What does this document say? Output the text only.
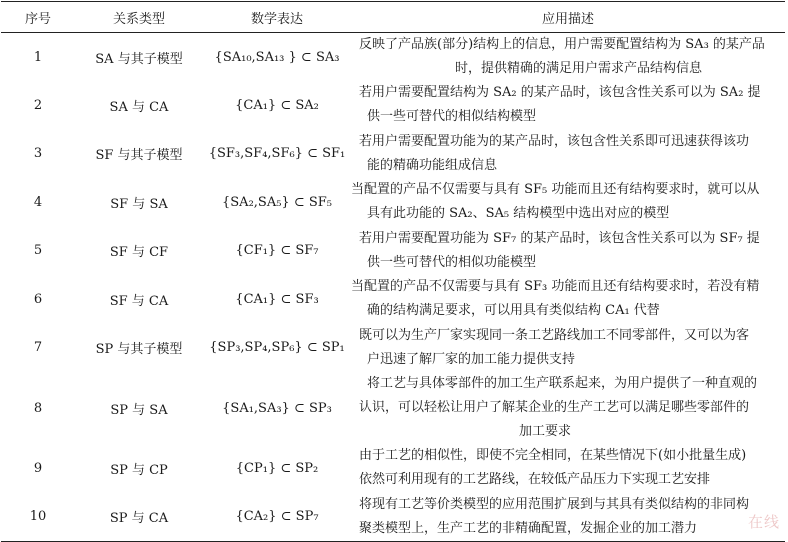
序号	关系类型	数学表达	应用描述
1	SA 与其子模型	{SA₁₀,SA₁₃ } ⊂ SA₃	反映了产品族(部分)结构上的信息，用户需要配置结构为 SA₃ 的某产品
时，提供精确的满足用户需求产品结构信息

2	SA 与 CA	{CA₁} ⊂ SA₂	若用户需要配置结构为 SA₂ 的某产品时，该包含性关系可以为 SA₂ 提
供一些可替代的相似结构模型

3	SF 与其子模型	{SF₃,SF₄,SF₆} ⊂ SF₁	若用户需要配置功能为的某产品时，该包含性关系即可迅速获得该功
能的精确功能组成信息

4	SF 与 SA	{SA₂,SA₅} ⊂ SF₅	当配置的产品不仅需要与具有 SF₅ 功能而且还有结构要求时，就可以从
具有此功能的 SA₂、SA₅ 结构模型中选出对应的模型

5	SF 与 CF	{CF₁} ⊂ SF₇	若用户需要配置功能为 SF₇ 的某产品时，该包含性关系可以为 SF₇ 提
供一些可替代的相似功能模型

6	SF 与 CA	{CA₁} ⊂ SF₃	当配置的产品不仅需要与具有 SF₃ 功能而且还有结构要求时，若没有精
确的结构满足要求，可以用具有类似结构 CA₁ 代替

7	SP 与其子模型	{SP₃,SP₄,SP₆} ⊂ SP₁	既可以为生产厂家实现同一条工艺路线加工不同零部件，又可以为客
户迅速了解厂家的加工能力提供支持

8	SP 与 SA	{SA₁,SA₃} ⊂ SP₃	将工艺与具体零部件的加工生产联系起来，为用户提供了一种直观的
认识，可以轻松让用户了解某企业的生产工艺可以满足哪些零部件的
加工要求

9	SP 与 CP	{CP₁} ⊂ SP₂	由于工艺的相似性，即使不完全相同，在某些情况下(如小批量生成)
依然可利用现有的工艺路线，在较低产品压力下实现工艺安排

10	SP 与 CA	{CA₂} ⊂ SP₇	将现有工艺等价类模型的应用范围扩展到与其具有类似结构的非同构
聚类模型上，生产工艺的非精确配置，发掘企业的加工潜力	在线
